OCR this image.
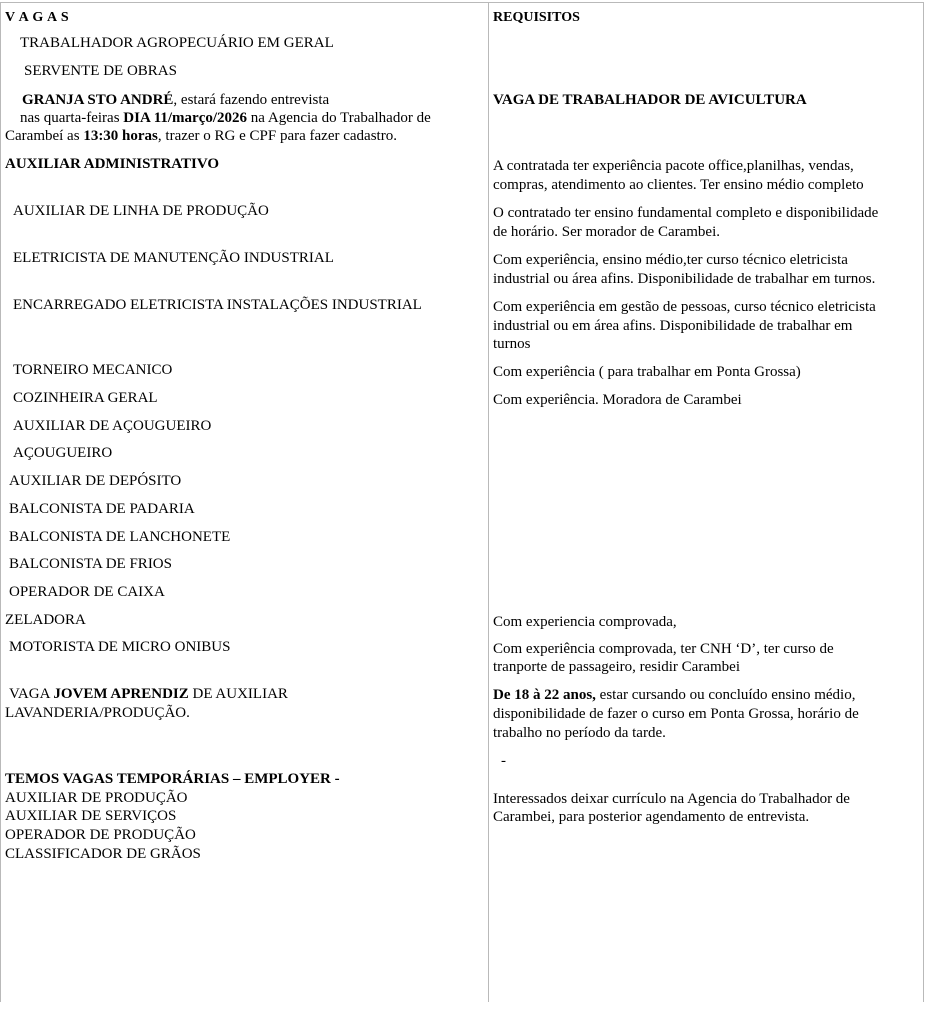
V A G A S	REQUISITOS
TRABALHADOR AGROPECUÁRIO EM GERAL
SERVENTE DE OBRAS
GRANJA STO ANDRÉ, estará fazendo entrevista
nas quarta-feiras DIA 11/março/2026 na Agencia do Trabalhador de
Carambeí as 13:30 horas, trazer o RG e CPF para fazer cadastro.
AUXILIAR ADMINISTRATIVO
AUXILIAR DE LINHA DE PRODUÇÃO
ELETRICISTA DE MANUTENÇÃO INDUSTRIAL
ENCARREGADO ELETRICISTA INSTALAÇÕES INDUSTRIAL
TORNEIRO MECANICO
COZINHEIRA GERAL
AUXILIAR DE AÇOUGUEIRO
AÇOUGUEIRO
AUXILIAR DE DEPÓSITO
BALCONISTA DE PADARIA
BALCONISTA DE LANCHONETE
BALCONISTA DE FRIOS
OPERADOR DE CAIXA
ZELADORA
MOTORISTA DE MICRO ONIBUS
VAGA JOVEM APRENDIZ DE AUXILIAR
LAVANDERIA/PRODUÇÃO.
TEMOS VAGAS TEMPORÁRIAS – EMPLOYER -
AUXILIAR DE PRODUÇÃO
AUXILIAR DE SERVIÇOS
OPERADOR DE PRODUÇÃO
CLASSIFICADOR DE GRÃOS
VAGA DE TRABALHADOR DE AVICULTURA
A contratada ter experiência pacote office,planilhas, vendas,
compras, atendimento ao clientes. Ter ensino médio completo
O contratado ter ensino fundamental completo e disponibilidade
de horário. Ser morador de Carambei.
Com experiência, ensino médio,ter curso técnico eletricista
industrial ou área afins. Disponibilidade de trabalhar em turnos.
Com experiência em gestão de pessoas, curso técnico eletricista
industrial ou em área afins. Disponibilidade de trabalhar em
turnos
Com experiência ( para trabalhar em Ponta Grossa)
Com experiência. Moradora de Carambei
Com experiencia comprovada,
Com experiência comprovada, ter CNH ‘D’, ter curso de
tranporte de passageiro, residir Carambei
De 18 à 22 anos, estar cursando ou concluído ensino médio,
disponibilidade de fazer o curso em Ponta Grossa, horário de
trabalho no período da tarde.
-
Interessados deixar currículo na Agencia do Trabalhador de
Carambei, para posterior agendamento de entrevista.
